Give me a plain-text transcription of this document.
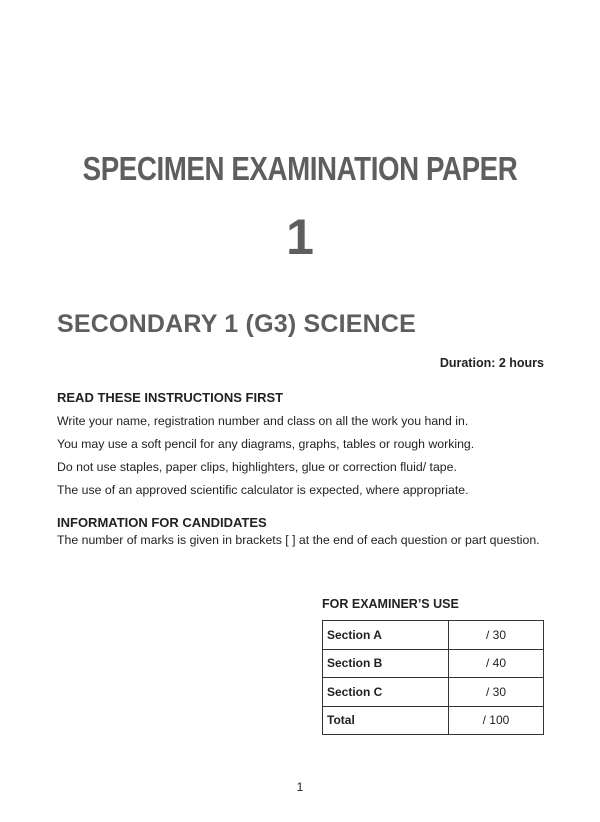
SPECIMEN EXAMINATION PAPER
1
SECONDARY 1 (G3) SCIENCE
Duration: 2 hours
READ THESE INSTRUCTIONS FIRST
Write your name, registration number and class on all the work you hand in.
You may use a soft pencil for any diagrams, graphs, tables or rough working.
Do not use staples, paper clips, highlighters, glue or correction fluid/ tape.
The use of an approved scientific calculator is expected, where appropriate.
INFORMATION FOR CANDIDATES
The number of marks is given in brackets [ ] at the end of each question or part question.
FOR EXAMINER’S USE
Section A	/ 30
Section B	/ 40
Section C	/ 30
Total	/ 100
1
